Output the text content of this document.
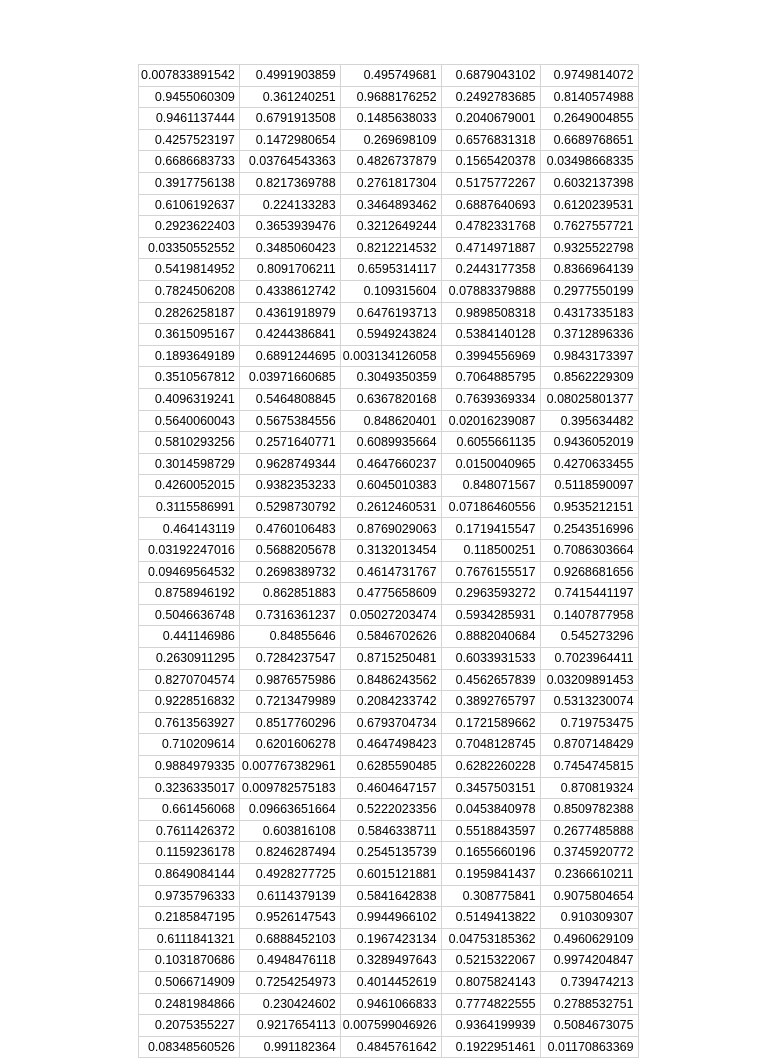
0.007833891542	0.4991903859	0.495749681	0.6879043102	0.9749814072
0.9455060309	0.361240251	0.9688176252	0.2492783685	0.8140574988
0.9461137444	0.6791913508	0.1485638033	0.2040679001	0.2649004855
0.4257523197	0.1472980654	0.269698109	0.6576831318	0.6689768651
0.6686683733	0.03764543363	0.4826737879	0.1565420378	0.03498668335
0.3917756138	0.8217369788	0.2761817304	0.5175772267	0.6032137398
0.6106192637	0.224133283	0.3464893462	0.6887640693	0.6120239531
0.2923622403	0.3653939476	0.3212649244	0.4782331768	0.7627557721
0.03350552552	0.3485060423	0.8212214532	0.4714971887	0.9325522798
0.5419814952	0.8091706211	0.6595314117	0.2443177358	0.8366964139
0.7824506208	0.4338612742	0.109315604	0.07883379888	0.2977550199
0.2826258187	0.4361918979	0.6476193713	0.9898508318	0.4317335183
0.3615095167	0.4244386841	0.5949243824	0.5384140128	0.3712896336
0.1893649189	0.6891244695	0.003134126058	0.3994556969	0.9843173397
0.3510567812	0.03971660685	0.3049350359	0.7064885795	0.8562229309
0.4096319241	0.5464808845	0.6367820168	0.7639369334	0.08025801377
0.5640060043	0.5675384556	0.848620401	0.02016239087	0.395634482
0.5810293256	0.2571640771	0.6089935664	0.6055661135	0.9436052019
0.3014598729	0.9628749344	0.4647660237	0.0150040965	0.4270633455
0.4260052015	0.9382353233	0.6045010383	0.848071567	0.5118590097
0.3115586991	0.5298730792	0.2612460531	0.07186460556	0.9535212151
0.464143119	0.4760106483	0.8769029063	0.1719415547	0.2543516996
0.03192247016	0.5688205678	0.3132013454	0.118500251	0.7086303664
0.09469564532	0.2698389732	0.4614731767	0.7676155517	0.9268681656
0.8758946192	0.862851883	0.4775658609	0.2963593272	0.7415441197
0.5046636748	0.7316361237	0.05027203474	0.5934285931	0.1407877958
0.441146986	0.84855646	0.5846702626	0.8882040684	0.545273296
0.2630911295	0.7284237547	0.8715250481	0.6033931533	0.7023964411
0.8270704574	0.9876575986	0.8486243562	0.4562657839	0.03209891453
0.9228516832	0.7213479989	0.2084233742	0.3892765797	0.5313230074
0.7613563927	0.8517760296	0.6793704734	0.1721589662	0.719753475
0.710209614	0.6201606278	0.4647498423	0.7048128745	0.8707148429
0.9884979335	0.007767382961	0.6285590485	0.6282260228	0.7454745815
0.3236335017	0.009782575183	0.4604647157	0.3457503151	0.870819324
0.661456068	0.09663651664	0.5222023356	0.0453840978	0.8509782388
0.7611426372	0.603816108	0.5846338711	0.5518843597	0.2677485888
0.1159236178	0.8246287494	0.2545135739	0.1655660196	0.3745920772
0.8649084144	0.4928277725	0.6015121881	0.1959841437	0.2366610211
0.9735796333	0.6114379139	0.5841642838	0.308775841	0.9075804654
0.2185847195	0.9526147543	0.9944966102	0.5149413822	0.910309307
0.6111841321	0.6888452103	0.1967423134	0.04753185362	0.4960629109
0.1031870686	0.4948476118	0.3289497643	0.5215322067	0.9974204847
0.5066714909	0.7254254973	0.4014452619	0.8075824143	0.739474213
0.2481984866	0.230424602	0.9461066833	0.7774822555	0.2788532751
0.2075355227	0.9217654113	0.007599046926	0.9364199939	0.5084673075
0.08348560526	0.991182364	0.4845761642	0.1922951461	0.01170863369
